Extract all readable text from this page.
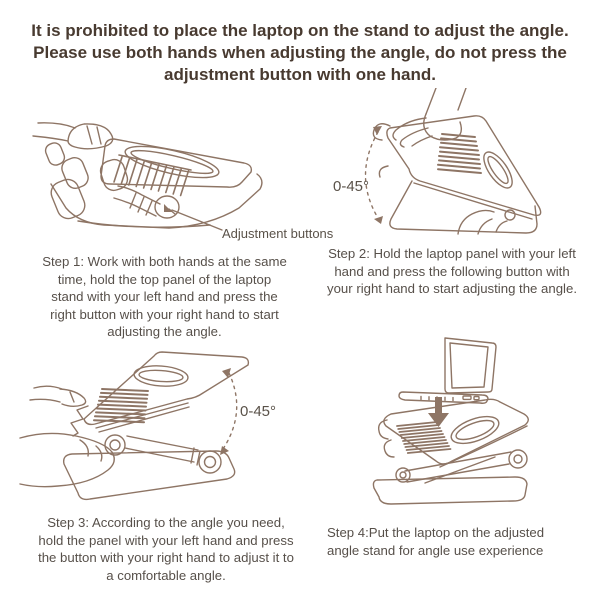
It is prohibited to place the laptop on the stand to adjust the angle.
Please use both hands when adjusting the angle, do not press the
adjustment button with one hand.
Adjustment buttons
0-45°
0-45°

Step 1: Work with both hands at the same time, hold the top panel of the laptop stand with your left hand and press the right button with your right hand to start adjusting the angle.

Step 2: Hold the laptop panel with your left hand and press the following button with your right hand to start adjusting the angle.

Step 3: According to the angle you need, hold the panel with your left hand and press the button with your right hand to adjust it to a comfortable angle.

Step 4:Put the laptop on the adjusted angle stand for angle use experience
